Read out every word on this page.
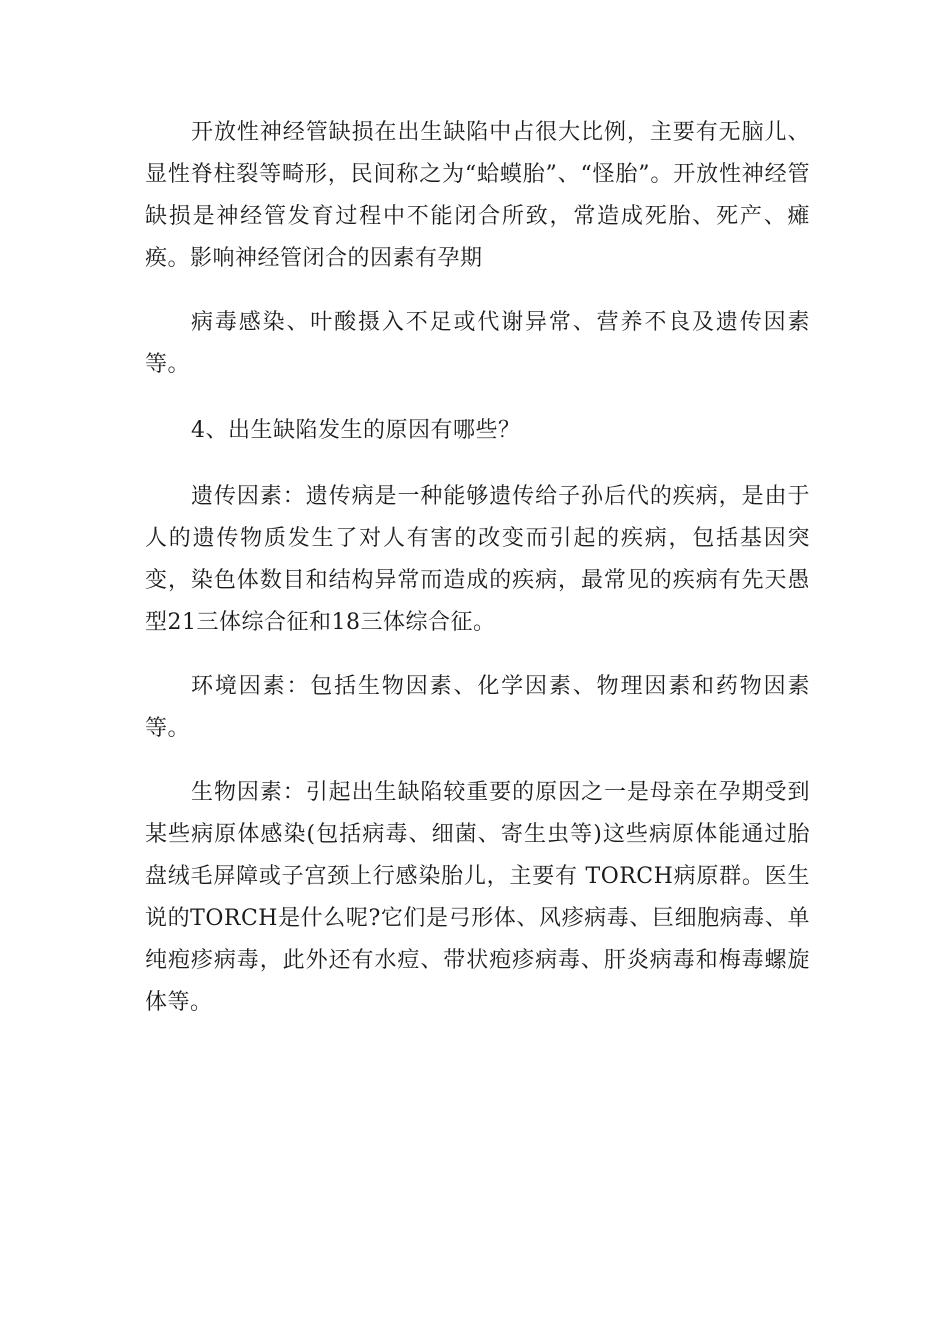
开放性神经管缺损在出生缺陷中占很大比例，主要有无脑儿、显性脊柱裂等畸形，民间称之为“蛤蟆胎”、“怪胎”。开放性神经管缺损是神经管发育过程中不能闭合所致，常造成死胎、死产、瘫痪。影响神经管闭合的因素有孕期

病毒感染、叶酸摄入不足或代谢异常、营养不良及遗传因素等。

4、出生缺陷发生的原因有哪些？

遗传因素：遗传病是一种能够遗传给子孙后代的疾病，是由于人的遗传物质发生了对人有害的改变而引起的疾病，包括基因突变，染色体数目和结构异常而造成的疾病，最常见的疾病有先天愚型21三体综合征和18三体综合征。

环境因素：包括生物因素、化学因素、物理因素和药物因素等。

生物因素：引起出生缺陷较重要的原因之一是母亲在孕期受到某些病原体感染(包括病毒、细菌、寄生虫等)这些病原体能通过胎盘绒毛屏障或子宫颈上行感染胎儿，主要有 TORCH病原群。医生说的TORCH是什么呢?它们是弓形体、风疹病毒、巨细胞病毒、单纯疱疹病毒，此外还有水痘、带状疱疹病毒、肝炎病毒和梅毒螺旋体等。
